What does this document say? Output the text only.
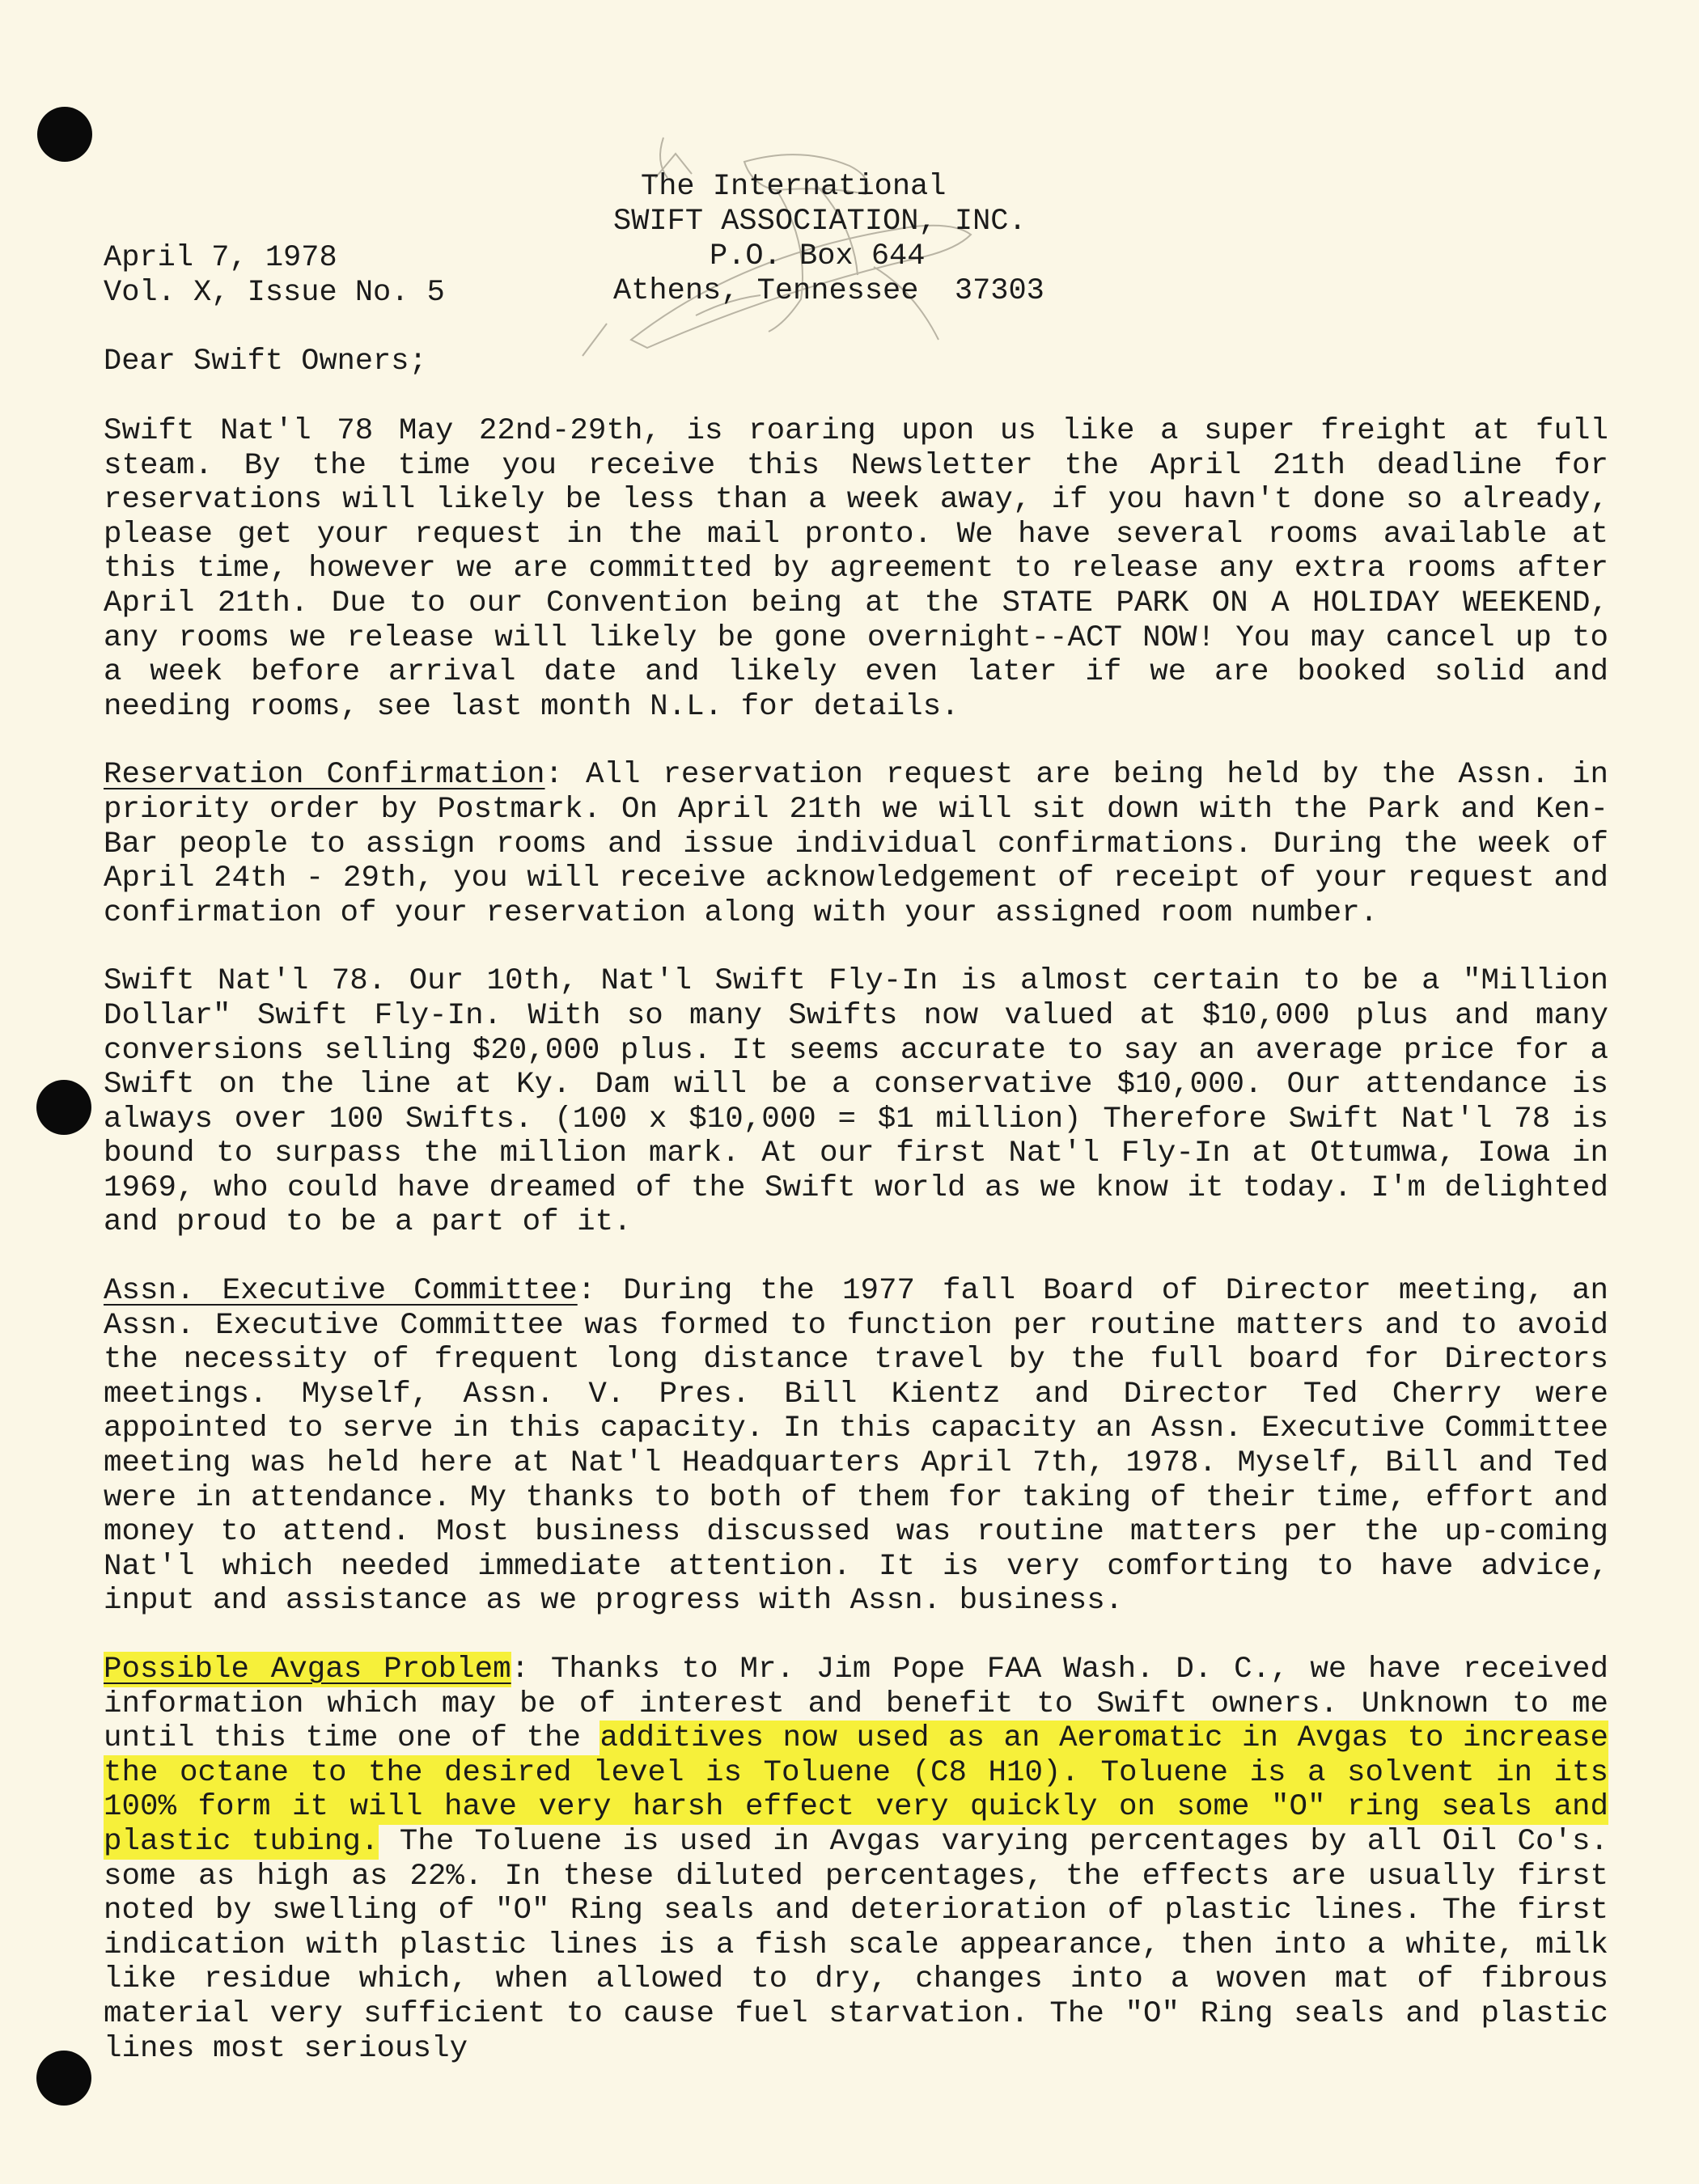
The International
SWIFT ASSOCIATION, INC.
P.O. Box 644
Athens, Tennessee  37303
April 7, 1978
Vol. X, Issue No. 5
Dear Swift Owners;

Swift Nat'l 78 May 22nd-29th, is roaring upon us like a super freight at full steam. By the time you receive this Newsletter the April 21th deadline for reservations will likely be less than a week away, if you havn't done so already, please get your request in the mail pronto. We have several rooms available at this time, however we are committed by agreement to release any extra rooms after April 21th. Due to our Convention being at the STATE PARK ON A HOLIDAY WEEKEND, any rooms we release will likely be gone overnight--ACT NOW! You may cancel up to a week before arrival date and likely even later if we are booked solid and needing rooms, see last month N.L. for details.

Reservation Confirmation: All reservation request are being held by the Assn. in priority order by Postmark. On April 21th we will sit down with the Park and Ken-Bar people to assign rooms and issue individual confirmations. During the week of April 24th - 29th, you will receive acknowledgement of receipt of your request and confirmation of your reservation along with your assigned room number.

Swift Nat'l 78. Our 10th, Nat'l Swift Fly-In is almost certain to be a "Million Dollar" Swift Fly-In. With so many Swifts now valued at $10,000 plus and many conversions selling $20,000 plus. It seems accurate to say an average price for a Swift on the line at Ky. Dam will be a conservative $10,000. Our attendance is always over 100 Swifts. (100 x $10,000 = $1 million) Therefore Swift Nat'l 78 is bound to surpass the million mark. At our first Nat'l Fly-In at Ottumwa, Iowa in 1969, who could have dreamed of the Swift world as we know it today. I'm delighted and proud to be a part of it.

Assn. Executive Committee: During the 1977 fall Board of Director meeting, an Assn. Executive Committee was formed to function per routine matters and to avoid the necessity of frequent long distance travel by the full board for Directors meetings. Myself, Assn. V. Pres. Bill Kientz and Director Ted Cherry were appointed to serve in this capacity. In this capacity an Assn. Executive Committee meeting was held here at Nat'l Headquarters April 7th, 1978. Myself, Bill and Ted were in attendance. My thanks to both of them for taking of their time, effort and money to attend. Most business discussed was routine matters per the up-coming Nat'l which needed immediate attention. It is very comforting to have advice, input and assistance as we progress with Assn. business.

Possible Avgas Problem: Thanks to Mr. Jim Pope FAA Wash. D. C., we have received information which may be of interest and benefit to Swift owners. Unknown to me until this time one of the additives now used as an Aeromatic in Avgas to increase the octane to the desired level is Toluene (C8 H10). Toluene is a solvent in its 100% form it will have very harsh effect very quickly on some "O" ring seals and plastic tubing. The Toluene is used in Avgas varying percentages by all Oil Co's. some as high as 22%. In these diluted percentages, the effects are usually first noted by swelling of "O" Ring seals and deterioration of plastic lines. The first indication with plastic lines is a fish scale appearance, then into a white, milk like residue which, when allowed to dry, changes into a woven mat of fibrous material very sufficient to cause fuel starvation. The "O" Ring seals and plastic lines most seriously
